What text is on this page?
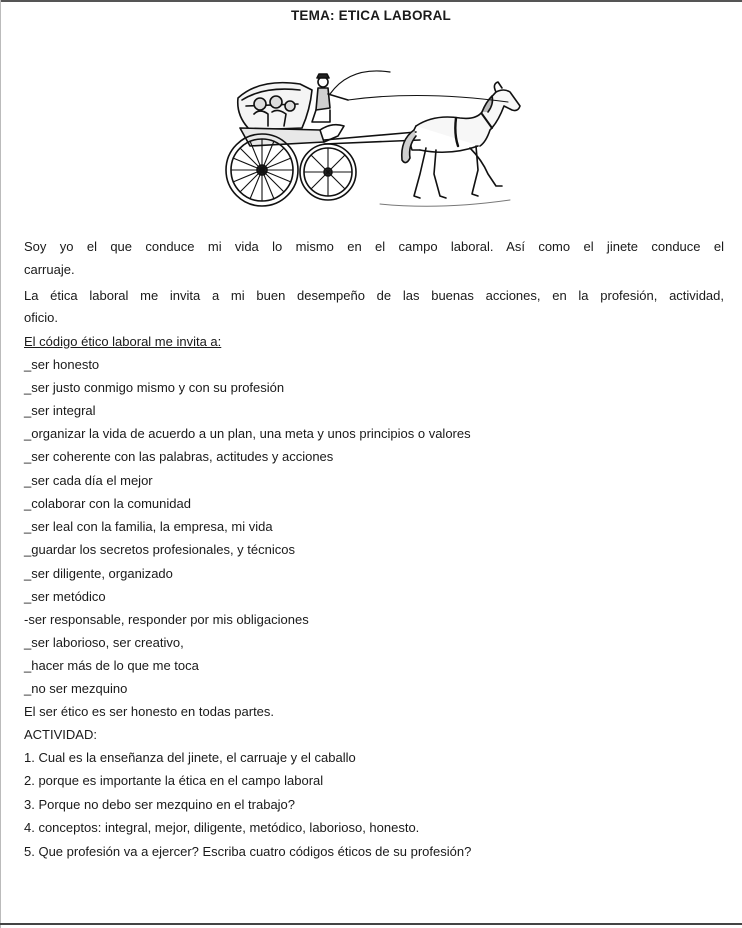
TEMA: ETICA LABORAL
Soy yo el que conduce mi vida lo mismo en el campo laboral. Así como el jinete conduce el
carruaje.
La ética laboral me invita a mi buen desempeño de las buenas acciones, en la profesión, actividad,
oficio.
El código ético laboral me invita a:
_ser honesto
_ser justo conmigo mismo y con su profesión
_ser integral
_organizar la vida de acuerdo a un plan, una meta y unos principios o valores
_ser coherente con las palabras, actitudes y acciones
_ser cada día el mejor
_colaborar con la comunidad
_ser leal con la familia, la empresa, mi vida
_guardar los secretos profesionales, y técnicos
_ser diligente, organizado
_ser metódico
-ser responsable, responder por mis obligaciones
_ser laborioso, ser creativo,
_hacer más de lo que me toca
_no ser mezquino
El ser ético es ser honesto en todas partes.
ACTIVIDAD:
1. Cual es la enseñanza del jinete, el carruaje y el caballo
2. porque es importante la ética en el campo laboral
3. Porque no debo ser mezquino en el trabajo?
4. conceptos: integral, mejor, diligente, metódico, laborioso, honesto.
5. Que profesión va a ejercer? Escriba cuatro códigos éticos de su profesión?
